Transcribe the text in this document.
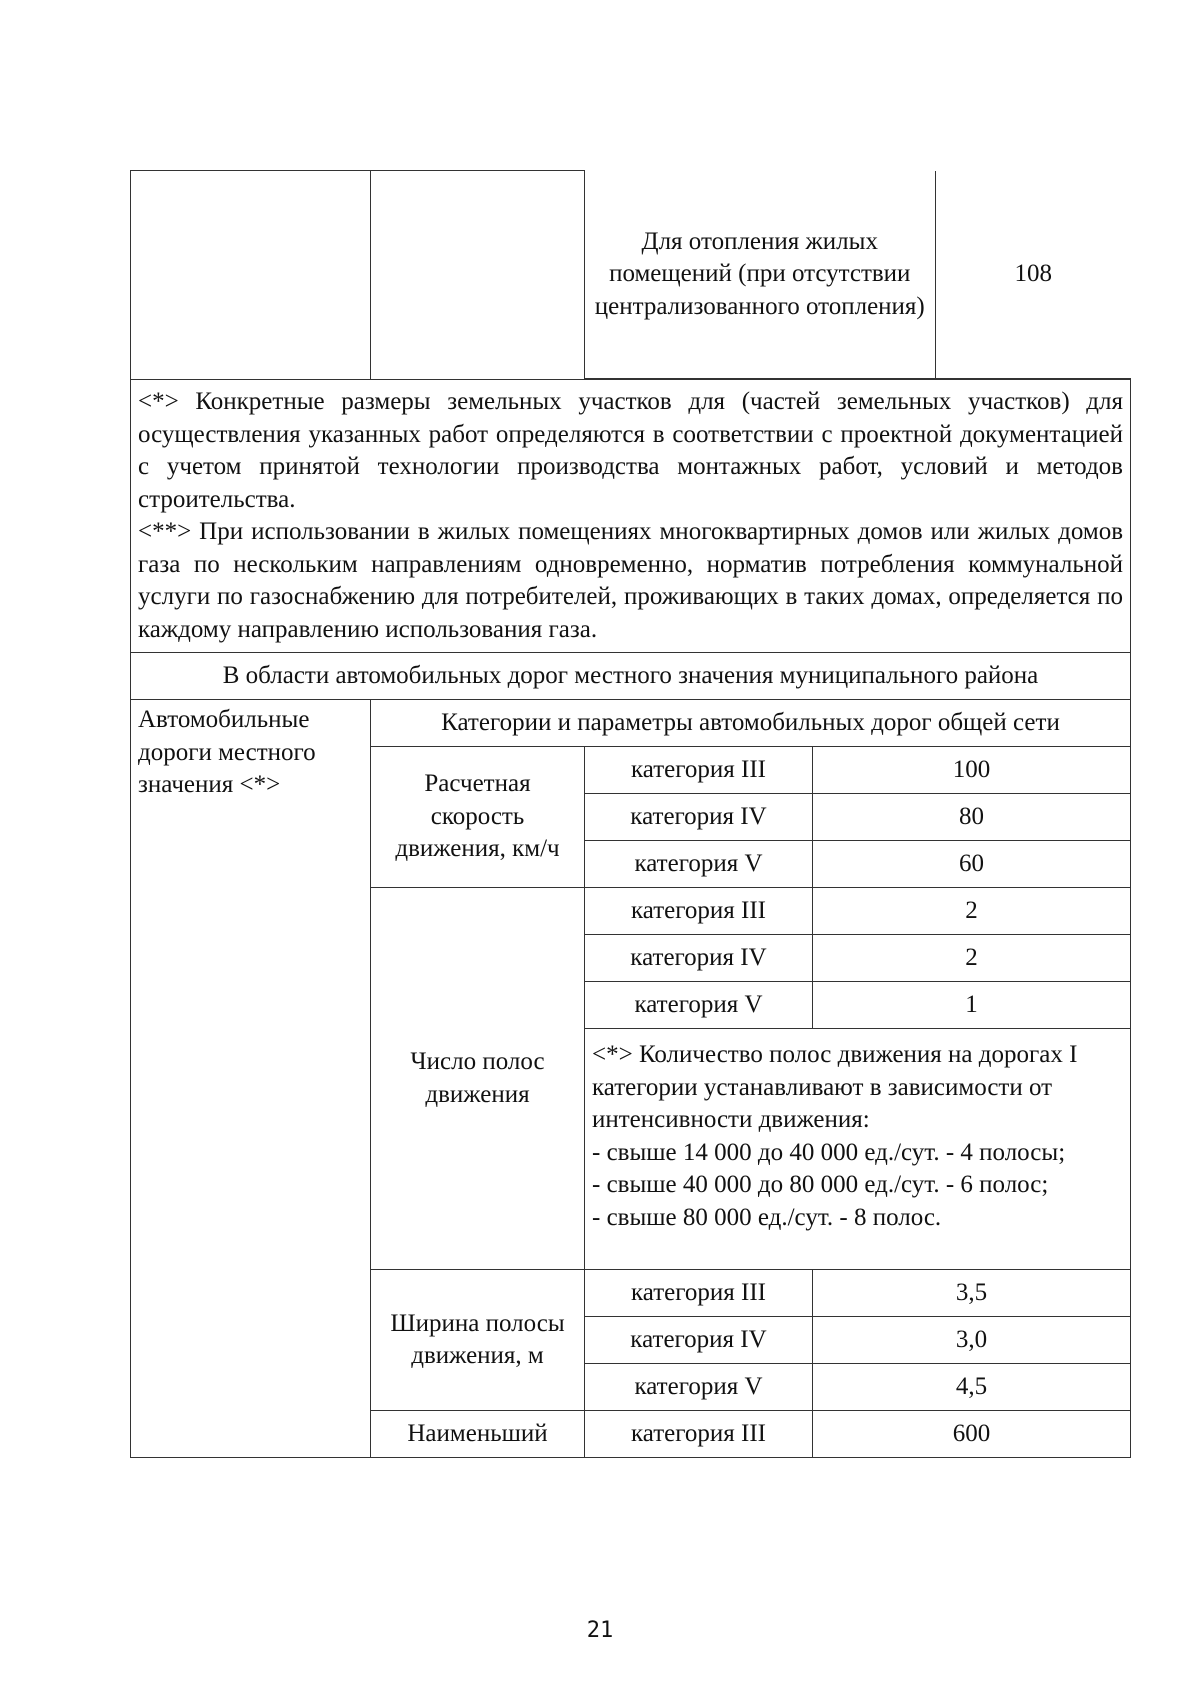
Для отопления жилых помещений (при отсутствии централизованного отопления)	108

<*> Конкретные размеры земельных участков для (частей земельных участков) для осуществления указанных работ определяются в соответствии с проектной документацией с учетом принятой технологии производства монтажных работ, условий и методов строительства.

<**> При использовании в жилых помещениях многоквартирных домов или жилых домов газа по нескольким направлениям одновременно, норматив потребления коммунальной услуги по газоснабжению для потребителей, проживающих в таких домах, определяется по каждому направлению использования газа.

В области автомобильных дорог местного значения муниципального района
Автомобильные дороги местного значения <*>	Категории и параметры автомобильных дорог общей сети
Расчетная скорость движения, км/ч	категория III	100
категория IV	80
категория V	60
Число полос движения	категория III	2
категория IV	2
категория V	1

<*> Количество полос движения на дорогах I категории устанавливают в зависимости от интенсивности движения:
- свыше 14 000 до 40 000 ед./сут. - 4 полосы;
- свыше 40 000 до 80 000 ед./сут. - 6 полос;
- свыше 80 000 ед./сут. - 8 полос.

Ширина полосы движения, м	категория III	3,5
категория IV	3,0
категория V	4,5
Наименьший	категория III	600
21
